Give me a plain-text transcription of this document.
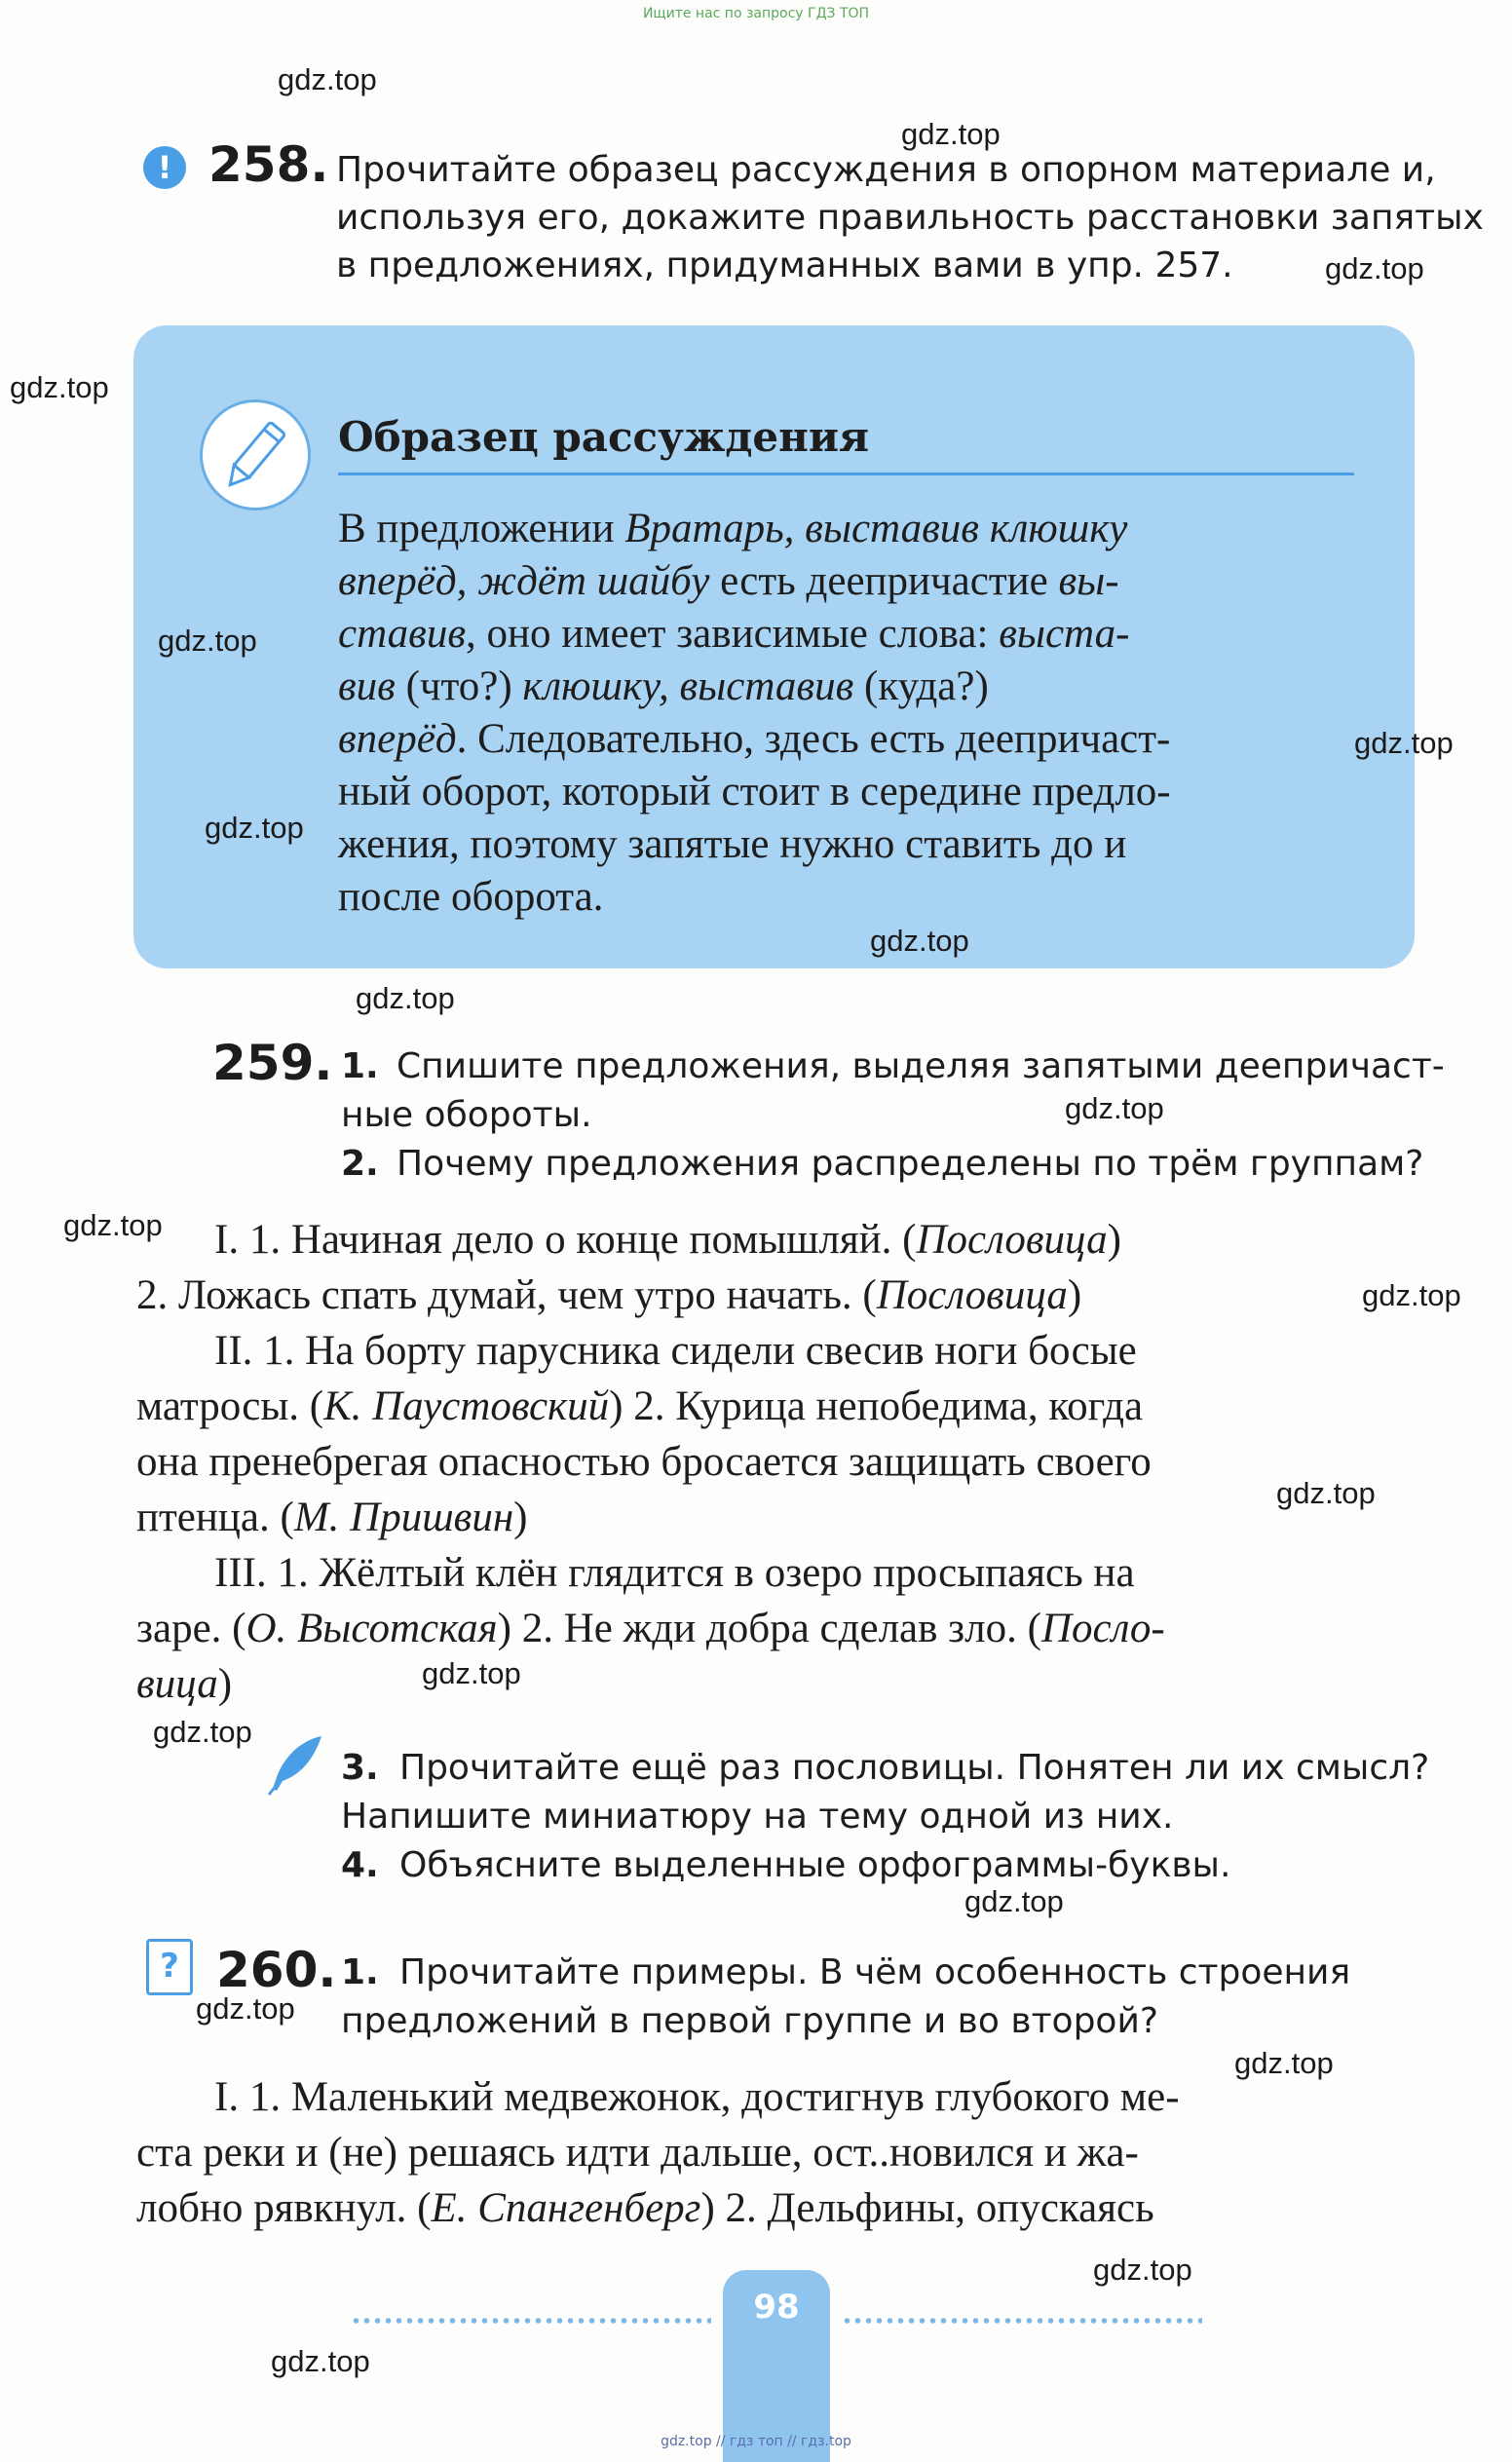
Ищите нас по запросу ГДЗ ТОП
! 258. Прочитайте образец рассуждения в опорном материале и,
используя его, докажите правильность расстановки запятых
в предложениях, придуманных вами в упр. 257.
Образец рассуждения
В предложении Вратарь, выставив клюшку
вперёд, ждёт шайбу есть деепричастие вы-
ставив, оно имеет зависимые слова: выста-
вив (что?) клюшку, выставив (куда?)
вперёд. Следовательно, здесь есть деепричаст-
ный оборот, который стоит в середине предло-
жения, поэтому запятые нужно ставить до и
после оборота.
259. 1. Спишите предложения, выделяя запятыми деепричаст-
ные обороты.
2. Почему предложения распределены по трём группам?
I. 1. Начиная дело о конце помышляй. (Пословица)
2. Ложась спать думай, чем утро начать. (Пословица)
II. 1. На борту парусника сидели свесив ноги босые
матросы. (К. Паустовский) 2. Курица непобедима, когда
она пренебрегая опасностью бросается защищать своего
птенца. (М. Пришвин)
III. 1. Жёлтый клён глядится в озеро просыпаясь на
заре. (О. Высотская) 2. Не жди добра сделав зло. (Посло-
вица)
3. Прочитайте ещё раз пословицы. Понятен ли их смысл?
Напишите миниатюру на тему одной из них.
4. Объясните выделенные орфограммы-буквы.
? 260. 1. Прочитайте примеры. В чём особенность строения
предложений в первой группе и во второй?
I. 1. Маленький медвежонок, достигнув глубокого ме-
ста реки и (не) решаясь идти дальше, ост..новился и жа-
лобно рявкнул. (Е. Спангенберг) 2. Дельфины, опускаясь
98
gdz.top // гдз топ // гдз.top
gdz.top
gdz.top
gdz.top
gdz.top
gdz.top
gdz.top
gdz.top
gdz.top
gdz.top
gdz.top
gdz.top
gdz.top
gdz.top
gdz.top
gdz.top
gdz.top
gdz.top
gdz.top
gdz.top
gdz.top
